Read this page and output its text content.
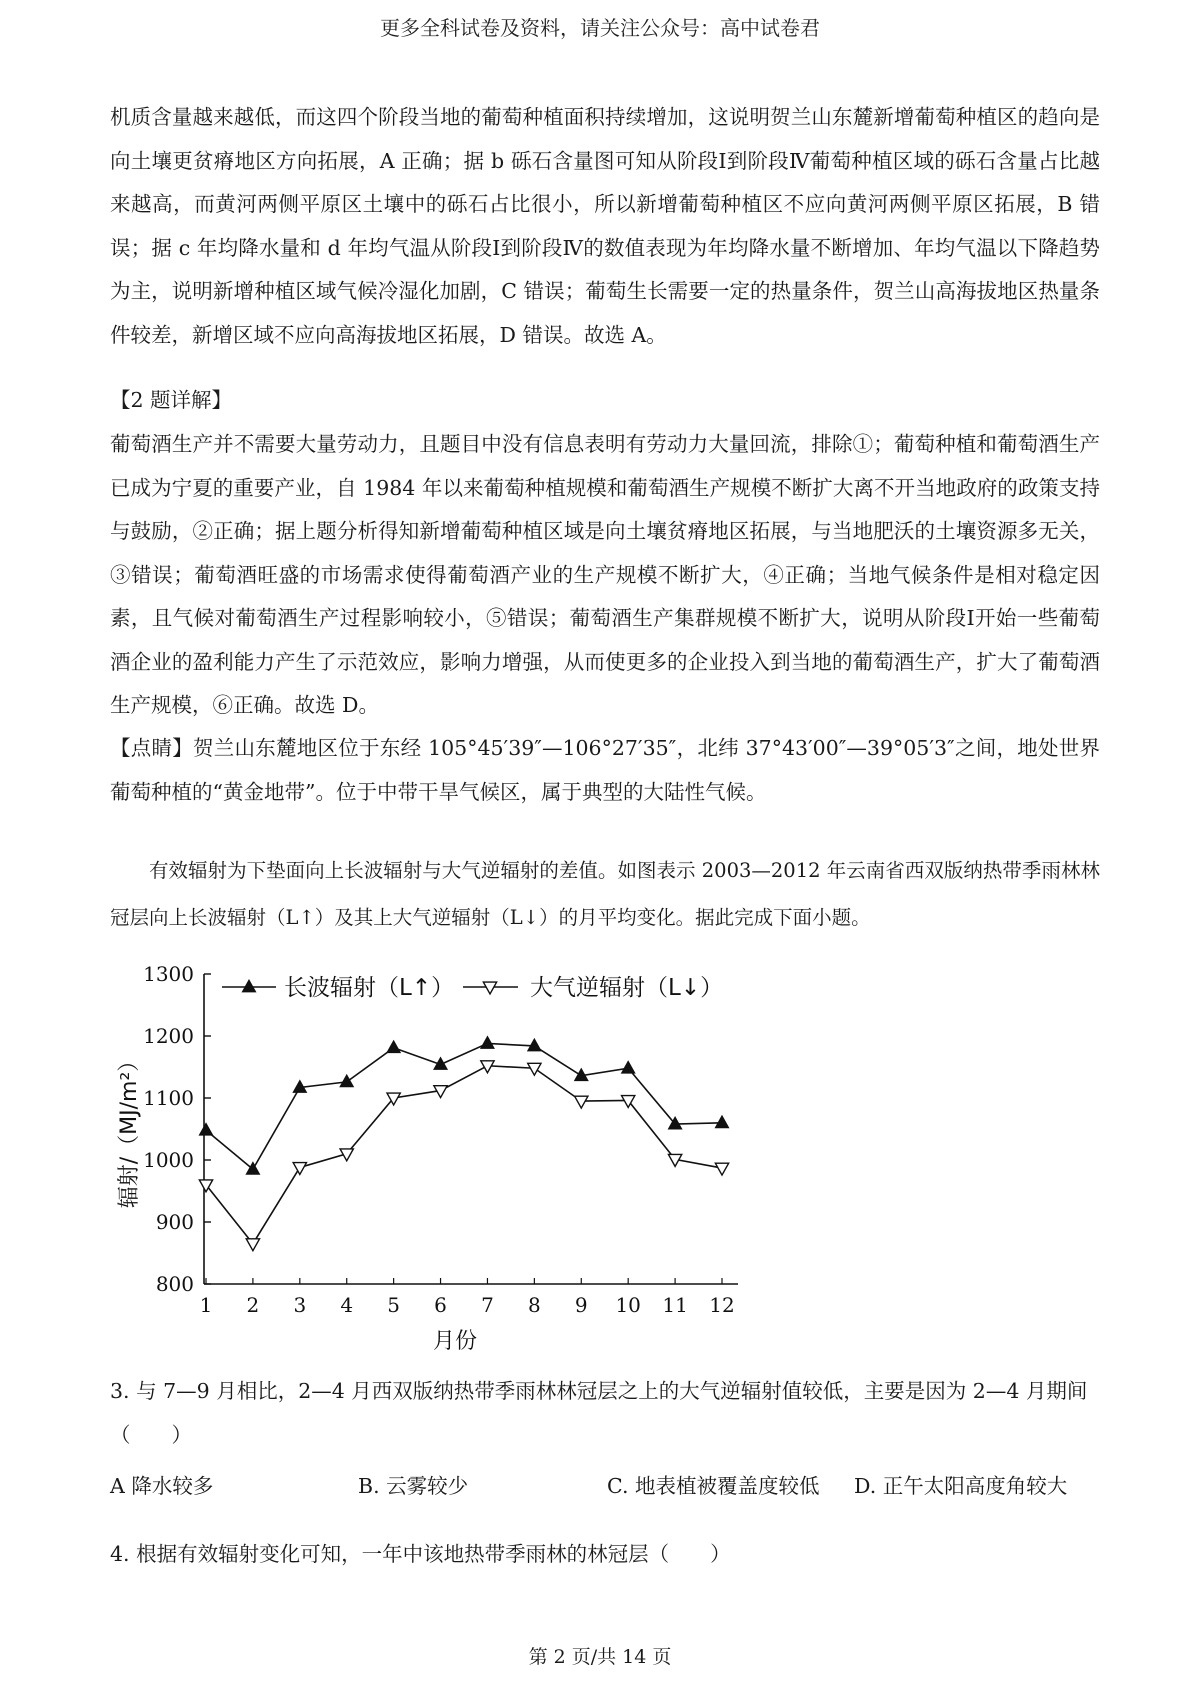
更多全科试卷及资料，请关注公众号：高中试卷君

机质含量越来越低，而这四个阶段当地的葡萄种植面积持续增加，这说明贺兰山东麓新增葡萄种植区的趋向是向土壤更贫瘠地区方向拓展，A 正确；据 b 砾石含量图可知从阶段Ⅰ到阶段Ⅳ葡萄种植区域的砾石含量占比越来越高，而黄河两侧平原区土壤中的砾石占比很小，所以新增葡萄种植区不应向黄河两侧平原区拓展，B 错误；据 c 年均降水量和 d 年均气温从阶段Ⅰ到阶段Ⅳ的数值表现为年均降水量不断增加、年均气温以下降趋势为主，说明新增种植区域气候冷湿化加剧，C 错误；葡萄生长需要一定的热量条件，贺兰山高海拔地区热量条件较差，新增区域不应向高海拔地区拓展，D 错误。故选 A。

【2 题详解】

葡萄酒生产并不需要大量劳动力，且题目中没有信息表明有劳动力大量回流，排除①；葡萄种植和葡萄酒生产已成为宁夏的重要产业，自 1984 年以来葡萄种植规模和葡萄酒生产规模不断扩大离不开当地政府的政策支持与鼓励，②正确；据上题分析得知新增葡萄种植区域是向土壤贫瘠地区拓展，与当地肥沃的土壤资源多无关，③错误；葡萄酒旺盛的市场需求使得葡萄酒产业的生产规模不断扩大，④正确；当地气候条件是相对稳定因素，且气候对葡萄酒生产过程影响较小，⑤错误；葡萄酒生产集群规模不断扩大，说明从阶段Ⅰ开始一些葡萄酒企业的盈利能力产生了示范效应，影响力增强，从而使更多的企业投入到当地的葡萄酒生产，扩大了葡萄酒生产规模，⑥正确。故选 D。

【点睛】贺兰山东麓地区位于东经 105°45′39″—106°27′35″，北纬 37°43′00″—39°05′3″之间，地处世界葡萄种植的“黄金地带”。位于中带干旱气候区，属于典型的大陆性气候。

有效辐射为下垫面向上长波辐射与大气逆辐射的差值。如图表示 2003—2012 年云南省西双版纳热带季雨林林冠层向上长波辐射（L↑）及其上大气逆辐射（L↓）的月平均变化。据此完成下面小题。

800
900
1000
1100
1200
1300
1 2 3 4 5 6 7 8 9 10 11 12
月份
辐射/（MJ/m²）
长波辐射（L↑）	大气逆辐射（L↓）

3. 与 7—9 月相比，2—4 月西双版纳热带季雨林林冠层之上的大气逆辐射值较低，主要是因为 2—4 月期间

（　　）

A 降水较多	B. 云雾较少	C. 地表植被覆盖度较低 D. 正午太阳高度角较大

4. 根据有效辐射变化可知，一年中该地热带季雨林的林冠层（　　）

第 2 页/共 14 页
